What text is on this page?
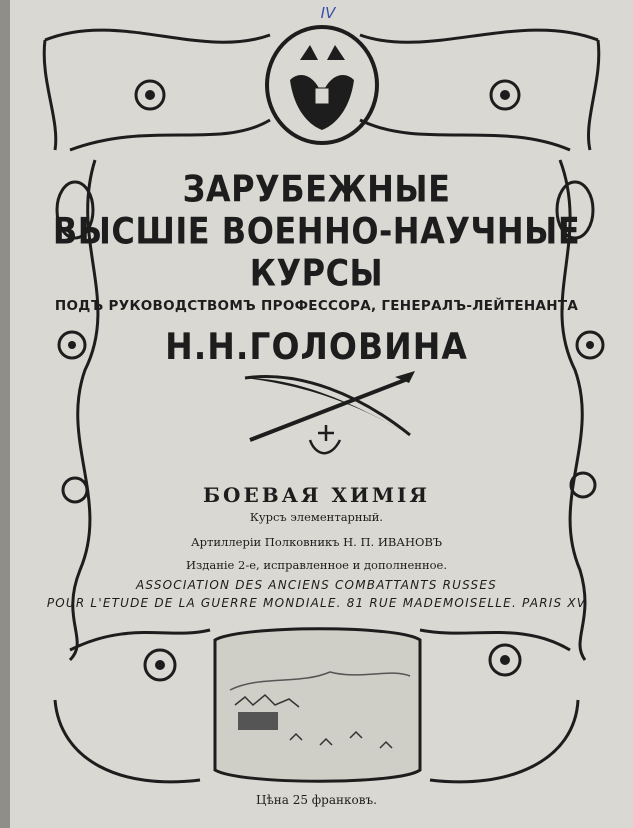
IV
ЗАРУБЕЖНЫЕ
ВЫСШІЕ ВОЕННО-НАУЧНЫЕ
КУРСЫ
ПОДЪ РУКОВОДСТВОМЪ ПРОФЕССОРА, ГЕНЕРАЛЪ-ЛЕЙТЕНАНТА
Н.Н.ГОЛОВИНА
БОЕВАЯ ХИМІЯ
Курсъ элементарный.
Артиллеріи Полковникъ Н. П. ИВАНОВЪ
Изданіе 2-е, исправленное и дополненное.
ASSOCIATION DES ANCIENS COMBATTANTS RUSSES
POUR L'ETUDE DE LA GUERRE MONDIALE. 81 RUE MADEMOISELLE. PARIS XV
Цѣна 25 франковъ.
